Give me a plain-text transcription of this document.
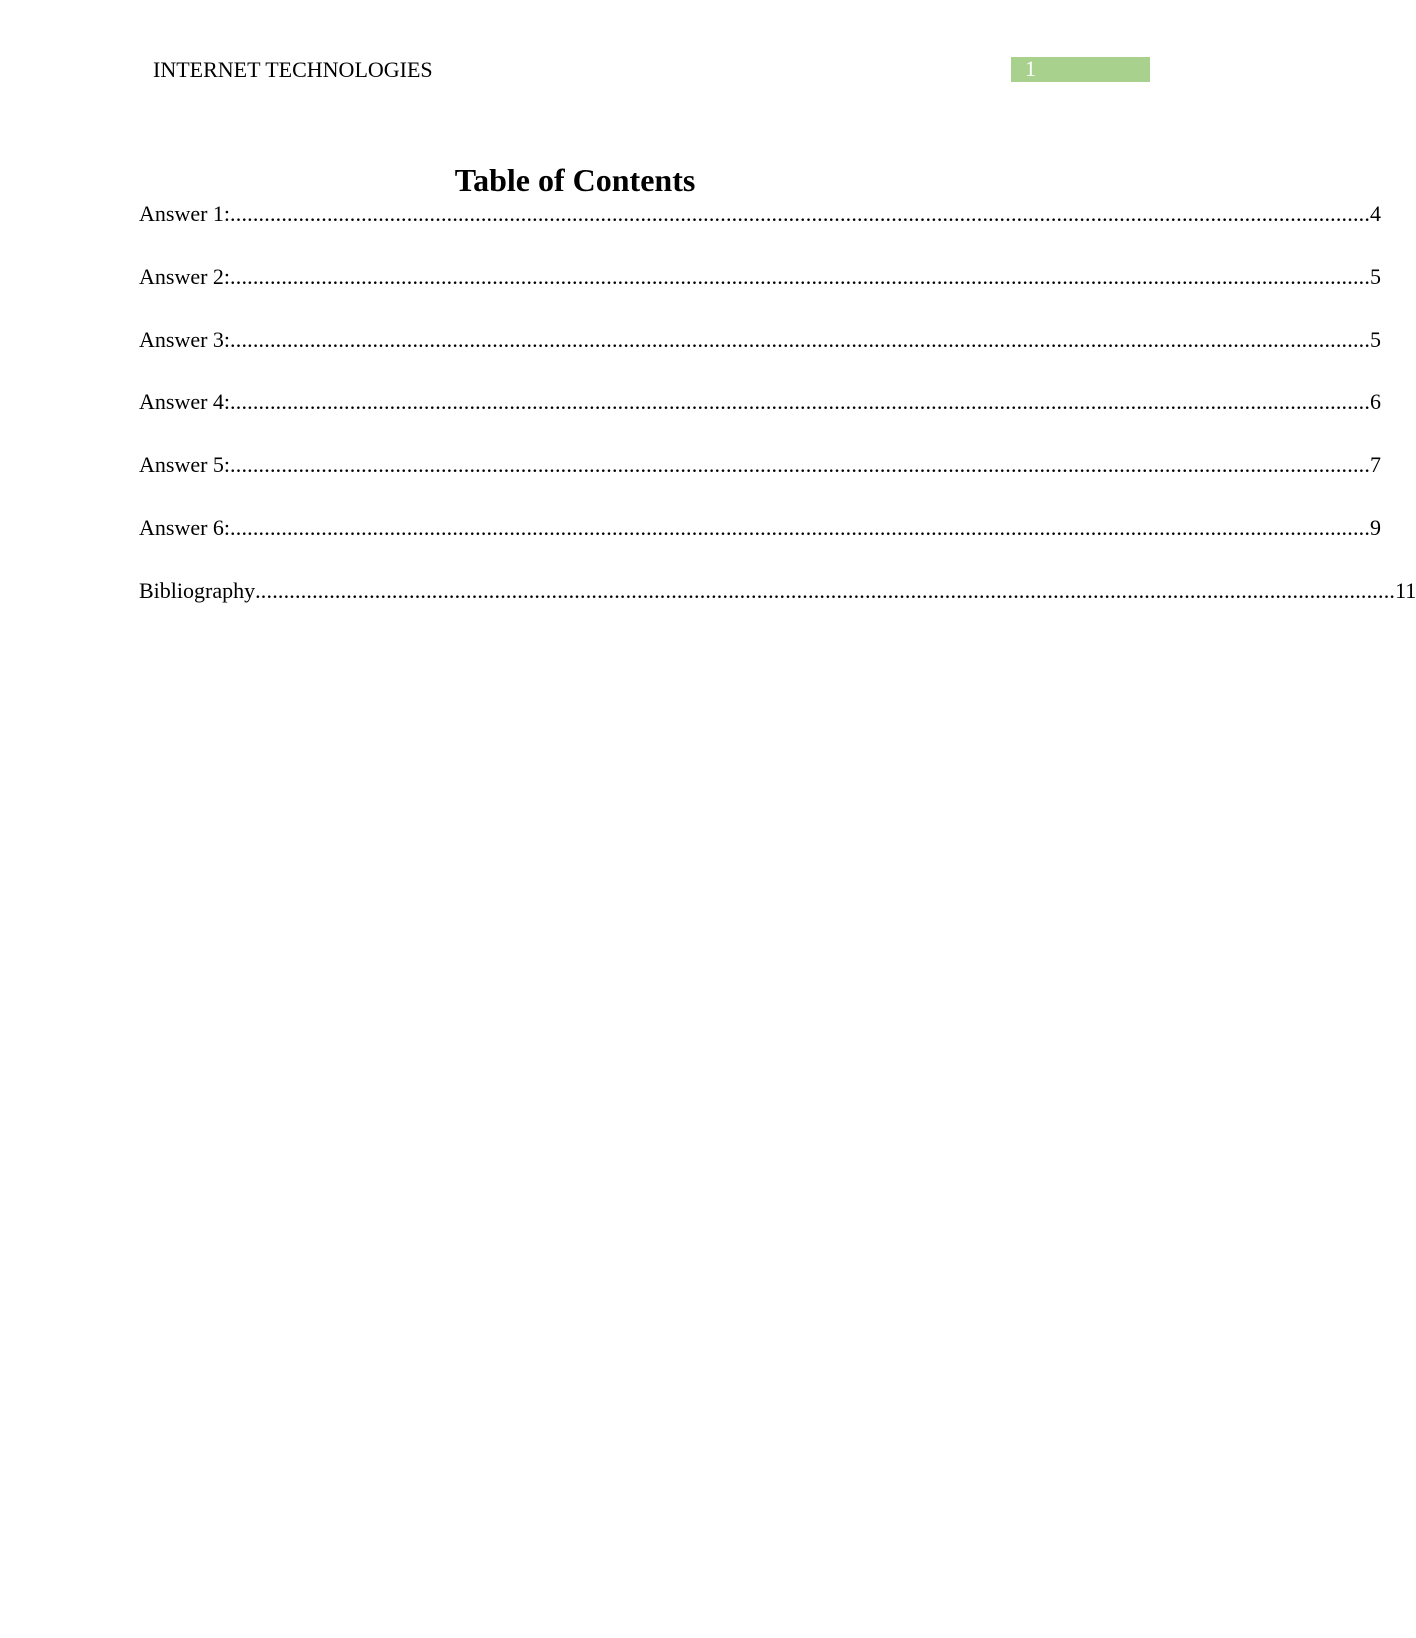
INTERNET TECHNOLOGIES	1
Table of Contents
Answer 1: ........................................................................................................................................................................................................ 4
Answer 2: ........................................................................................................................................................................................................ 5
Answer 3: ........................................................................................................................................................................................................ 5
Answer 4: ........................................................................................................................................................................................................ 6
Answer 5: ........................................................................................................................................................................................................ 7
Answer 6: ........................................................................................................................................................................................................ 9
Bibliography ........................................................................................................................................................................................................ 11
